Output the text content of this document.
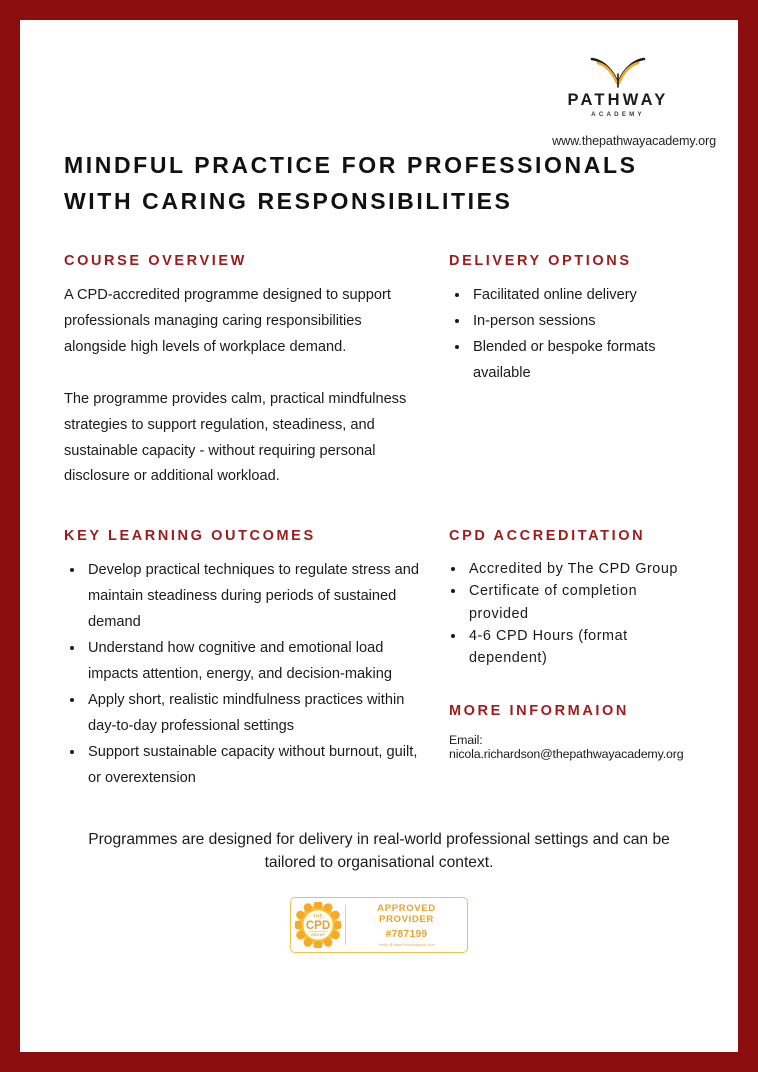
PATHWAY
ACADEMY
www.thepathwayacademy.org
MINDFUL PRACTICE FOR PROFESSIONALS
WITH CARING RESPONSIBILITIES
COURSE OVERVIEW

A CPD-accredited programme designed to support professionals managing caring responsibilities alongside high levels of workplace demand.

The programme provides calm, practical mindfulness strategies to support regulation, steadiness, and sustainable capacity - without requiring personal disclosure or additional workload.

DELIVERY OPTIONS
• Facilitated online delivery
• In-person sessions
• Blended or bespoke formats available
KEY LEARNING OUTCOMES
• Develop practical techniques to regulate stress and maintain steadiness during periods of sustained demand
• Understand how cognitive and emotional load impacts attention, energy, and decision-making
• Apply short, realistic mindfulness practices within day-to-day professional settings
• Support sustainable capacity without burnout, guilt, or overextension
CPD ACCREDITATION
• Accredited by The CPD Group
• Certificate of completion provided
• 4-6 CPD Hours (format dependent)
MORE INFORMAION
Email: nicola.richardson@thepathwayacademy.org
Programmes are designed for delivery in real-world professional settings and can be tailored to organisational context.
THE
CPD
GROUP
APPROVED
PROVIDER
#787199
Verify @ https://thecpdgroup.com
